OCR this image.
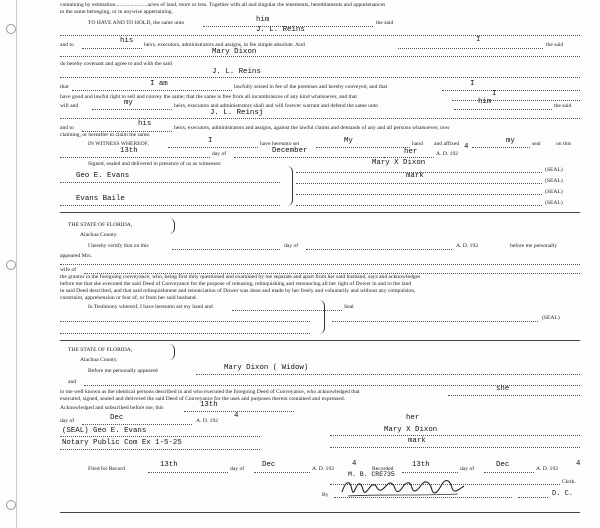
containing by estimation.......................acres of land, more or less. Together with all and singular the tenements, hereditaments and appurtenances
to the same belonging, or in anywise appertaining.
TO HAVE AND TO HOLD, the same unto	him	the said
J. L. Reins
and to	his heirs, executors, administrators and assigns, in fee simple absolute. And
I
the said
Mary Dixon
do hereby covenant and agree to and with the said
J. L. Reins
that	I am	lawfully seized in fee of the premises and hereby conveyed, and that	I
have good and lawful right to sell and convey the same; that the same is free from all incumbrances of any kind whatsoever, and that	I
will and	my	heirs, executors and administrators shall and will forever warrant and defend the same unto	him	the said
J. L. Reinsj
and to	his	heirs, executors, administrators and assigns, against the lawful claims and demands of any and all persons whatsoever, now
claiming, or hereafter to claim the same.
IN WITNESS WHEREOF,	I	have hereunto set	My	hand and affixed	my	seal	on this
13th	day of	December	her	A. D. 192
4
Signed, sealed and delivered in presence of us as witnesses:	Mary X Dixon
mark
Geo E. Evans
Evans Baile
(SEAL)
(SEAL)
(SEAL)
(SEAL)
THE STATE OF FLORIDA,
Alachua County.
I hereby certify that on this	day of	A. D. 192	before me personally
appeared Mrs.
wife of
the grantor in the foregoing conveyance, who, being first duly questioned and examined by me separate and apart from her said husband, says and acknowledges
before me that she executed the said Deed of Conveyance for the purpose of releasing, relinquishing and renouncing all her right of Dower in and to the land
in said Deed described, and that said relinquishment and renunciation of Dower was done and made by her freely and voluntarily and without any compulsion,
constraint, apprehension or fear of, or from her said husband.
In Testimony whereof, I have hereunto set my hand and	Seal
(SEAL)
THE STATE OF FLORIDA,
Alachua County.
Before me personally appeared	Mary Dixon ( Widow)
and
to me well known as the identical persons described in and who executed the foregoing Deed of Conveyance, who acknowledged that	she
executed, signed, sealed and delivered the said Deed of Conveyance for the uses and purposes therein contained and expressed.
Acknowledged and subscribed before me, this	13th
day of	Dec	A. D. 192
4
(SEAL) Geo E. Evans
Notary Public Com Ex 1-5-25
her
Mary X Dixon
mark
Filed for Record	13th	day of Dec	A. D. 192
4
Recorded	13th	day of	Dec	A. D. 192
4
M. B. CRE735
Clerk.
By	D. C.
